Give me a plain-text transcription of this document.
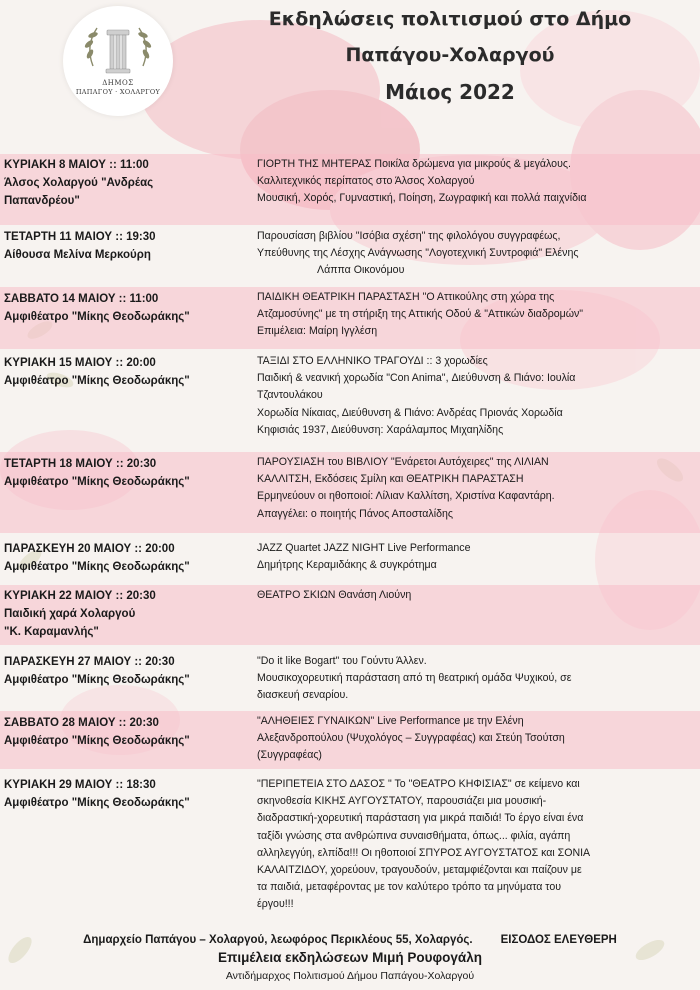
ΔΗΜΟΣ
ΠΑΠΑΓΟΥ · ΧΟΛΑΡΓΟΥ
Εκδηλώσεις πολιτισμού στο Δήμο
Παπάγου-Χολαργού
Μάιος 2022
ΚΥΡΙΑΚΗ 8 ΜΑΙΟΥ :: 11:00
Άλσος Χολαργού "Ανδρέας
Παπανδρέου"
ΓΙΟΡΤΗ ΤΗΣ ΜΗΤΕΡΑΣ Ποικίλα δρώμενα για μικρούς & μεγάλους.
Καλλιτεχνικός περίπατος στο Άλσος Χολαργού
Μουσική, Χορός, Γυμναστική, Ποίηση, Ζωγραφική και πολλά παιχνίδια
ΤΕΤΑΡΤΗ 11 ΜΑΙΟΥ :: 19:30
Αίθουσα Μελίνα Μερκούρη
Παρουσίαση βιβλίου "Ισόβια σχέση" της φιλολόγου συγγραφέως,
Υπεύθυνης της Λέσχης Ανάγνωσης "Λογοτεχνική Συντροφιά" Ελένης
Λάππα Οικονόμου
ΣΑΒΒΑΤΟ 14 ΜΑΙΟΥ :: 11:00
Αμφιθέατρο "Μίκης Θεοδωράκης"
ΠΑΙΔΙΚΗ ΘΕΑΤΡΙΚΗ ΠΑΡΑΣΤΑΣΗ "Ο Αττικούλης στη χώρα της
Ατζαμοσύνης" με τη στήριξη της Αττικής Οδού & "Αττικών διαδρομών"
Επιμέλεια: Μαίρη Ιγγλέση
ΚΥΡΙΑΚΗ 15 ΜΑΙΟΥ :: 20:00
Αμφιθέατρο "Μίκης Θεοδωράκης"
ΤΑΞΙΔΙ ΣΤΟ ΕΛΛΗΝΙΚΟ ΤΡΑΓΟΥΔΙ :: 3 χορωδίες
Παιδική & νεανική χορωδία "Con Anima", Διεύθυνση & Πιάνο: Ιουλία
Τζαντουλάκου
Χορωδία Νίκαιας, Διεύθυνση & Πιάνο: Ανδρέας Πριονάς Χορωδία
Κηφισιάς 1937, Διεύθυνση: Χαράλαμπος Μιχαηλίδης
ΤΕΤΑΡΤΗ 18 ΜΑΙΟΥ :: 20:30
Αμφιθέατρο "Μίκης Θεοδωράκης"
ΠΑΡΟΥΣΙΑΣΗ του ΒΙΒΛΙΟΥ "Ενάρετοι Αυτόχειρες" της ΛΙΛΙΑΝ
ΚΑΛΛΙΤΣΗ, Εκδόσεις Σμίλη και ΘΕΑΤΡΙΚΗ ΠΑΡΑΣΤΑΣΗ
Ερμηνεύουν οι ηθοποιοί: Λίλιαν Καλλίτση, Χριστίνα Καφαντάρη.
Απαγγέλει: ο ποιητής Πάνος Αποσταλίδης
ΠΑΡΑΣΚΕΥΗ 20 ΜΑΙΟΥ :: 20:00
Αμφιθέατρο "Μίκης Θεοδωράκης"
JAZZ Quartet JAZZ NIGHT Live Performance
Δημήτρης Κεραμιδάκης & συγκρότημα
ΚΥΡΙΑΚΗ 22 ΜΑΙΟΥ :: 20:30
Παιδική χαρά Χολαργού
"Κ. Καραμανλής"
ΘΕΑΤΡΟ ΣΚΙΩΝ Θανάση Λιούνη
ΠΑΡΑΣΚΕΥΗ 27 ΜΑΙΟΥ :: 20:30
Αμφιθέατρο "Μίκης Θεοδωράκης"
"Do it like Bogart" του Γούντυ Άλλεν.
Μουσικοχορευτική παράσταση από τη θεατρική ομάδα Ψυχικού, σε
διασκευή σεναρίου.
ΣΑΒΒΑΤΟ 28 ΜΑΙΟΥ :: 20:30
Αμφιθέατρο "Μίκης Θεοδωράκης"
"ΑΛΗΘΕΙΕΣ ΓΥΝΑΙΚΩΝ" Live Performance με την Ελένη
Αλεξανδροπούλου (Ψυχολόγος – Συγγραφέας) και Στεύη Τσούτση
(Συγγραφέας)
ΚΥΡΙΑΚΗ 29 ΜΑΙΟΥ :: 18:30
Αμφιθέατρο "Μίκης Θεοδωράκης"
"ΠΕΡΙΠΕΤΕΙΑ ΣΤΟ ΔΑΣΟΣ " Το "ΘΕΑΤΡΟ ΚΗΦΙΣΙΑΣ" σε κείμενο και
σκηνοθεσία ΚΙΚΗΣ ΑΥΓΟΥΣΤΑΤΟΥ, παρουσιάζει μια μουσική-
διαδραστική-χορευτική παράσταση για μικρά παιδιά! Το έργο είναι ένα
ταξίδι γνώσης στα ανθρώπινα συναισθήματα, όπως... φιλία, αγάπη
αλληλεγγύη, ελπίδα!!! Οι ηθοποιοί ΣΠΥΡΟΣ ΑΥΓΟΥΣΤΑΤΟΣ και ΣΟΝΙΑ
ΚΑΛΑΙΤΖΙΔΟΥ, χορεύουν, τραγουδούν, μεταμφιέζονται και παίζουν με
τα παιδιά, μεταφέροντας με τον καλύτερο τρόπο τα μηνύματα του
έργου!!!
Δημαρχείο Παπάγου – Χολαργού, λεωφόρος Περικλέους 55, Χολαργός. ΕΙΣΟΔΟΣ ΕΛΕΥΘΕΡΗ
Επιμέλεια εκδηλώσεων Μιμή Ρουφογάλη
Αντιδήμαρχος Πολιτισμού Δήμου Παπάγου-Χολαργού
